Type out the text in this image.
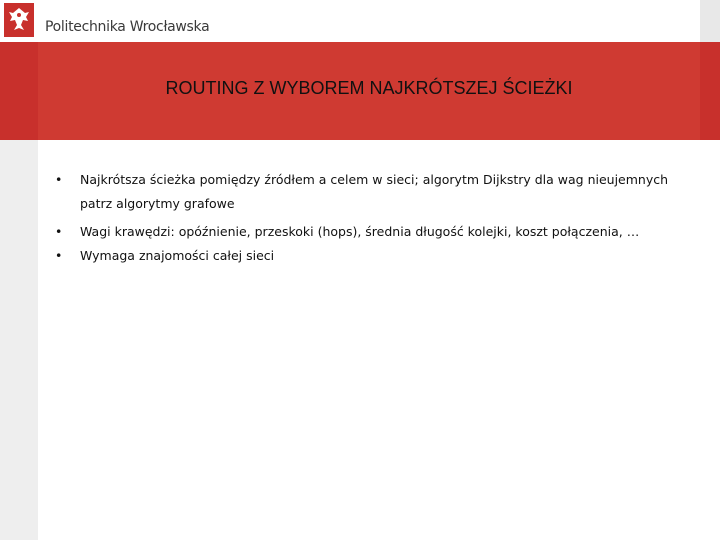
Politechnika Wrocławska
ROUTING Z WYBOREM NAJKRÓTSZEJ ŚCIEŻKI
•	Najkrótsza ścieżka pomiędzy źródłem a celem w sieci; algorytm Dijkstry dla wag nieujemnych
patrz algorytmy grafowe
•	Wagi krawędzi: opóźnienie, przeskoki (hops), średnia długość kolejki, koszt połączenia, …
•	Wymaga znajomości całej sieci
